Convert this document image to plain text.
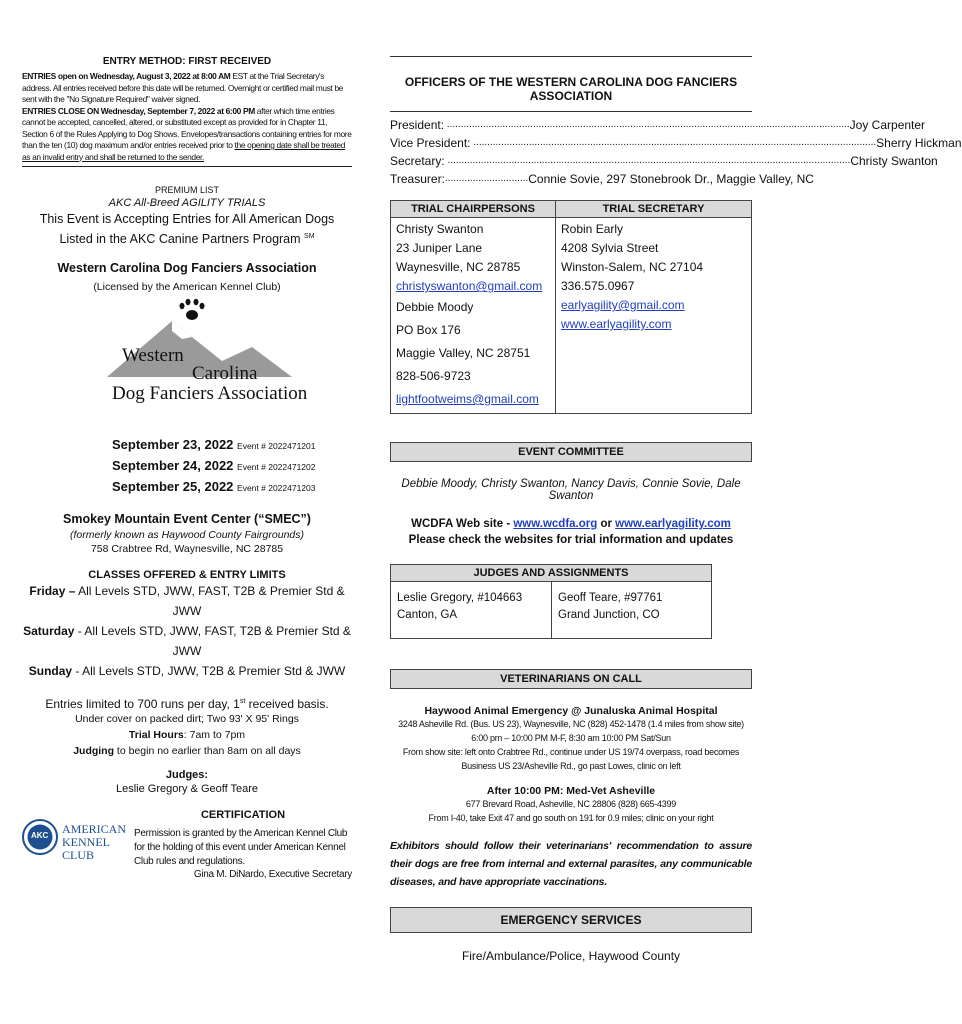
ENTRY METHOD: FIRST RECEIVED
ENTRIES open on Wednesday, August 3, 2022 at 8:00 AM EST at the Trial Secretary's address. All entries received before this date will be returned. Overnight or certified mail must be sent with the "No Signature Required" waiver signed.
ENTRIES CLOSE ON Wednesday, September 7, 2022 at 6:00 PM after which time entries cannot be accepted, cancelled, altered, or substituted except as provided for in Chapter 11, Section 6 of the Rules Applying to Dog Shows. Envelopes/transactions containing entries for more than the ten (10) dog maximum and/or entries received prior to the opening date shall be treated as an invalid entry and shall be returned to the sender.
PREMIUM LIST
AKC All-Breed AGILITY TRIALS
This Event is Accepting Entries for All American Dogs
Listed in the AKC Canine Partners Program ℠
Western Carolina Dog Fanciers Association
(Licensed by the American Kennel Club)
Western
Carolina
Dog Fanciers Association
September 23, 2022 Event # 2022471201
September 24, 2022 Event # 2022471202
September 25, 2022 Event # 2022471203
Smokey Mountain Event Center (“SMEC”)
(formerly known as Haywood County Fairgrounds)
758 Crabtree Rd, Waynesville, NC 28785
CLASSES OFFERED & ENTRY LIMITS
Friday – All Levels STD, JWW, FAST, T2B & Premier Std & JWW
Saturday - All Levels STD, JWW, FAST, T2B & Premier Std & JWW
Sunday - All Levels STD, JWW, T2B & Premier Std & JWW
Entries limited to 700 runs per day, 1st received basis.
Under cover on packed dirt; Two 93' X 95' Rings
Trial Hours: 7am to 7pm
Judging to begin no earlier than 8am on all days
Judges:
Leslie Gregory & Geoff Teare
AKC AMERICAN
KENNEL CLUB
CERTIFICATION
Permission is granted by the American Kennel Club for the holding of this event under American Kennel Club rules and regulations.
Gina M. DiNardo, Executive Secretary
OFFICERS OF THE WESTERN CAROLINA DOG FANCIERS ASSOCIATION
President: ................................................................................................................................................. Joy Carpenter
Vice President: ................................................................................................................................................. Sherry Hickman
Secretary: ................................................................................................................................................. Christy Swanton
Treasurer: .............................. Connie Sovie, 297 Stonebrook Dr., Maggie Valley, NC
TRIAL CHAIRPERSONS	TRIAL SECRETARY
Christy Swanton
23 Juniper Lane
Waynesville, NC 28785
christyswanton@gmail.com
Debbie Moody
PO Box 176
Maggie Valley, NC 28751
828-506-9723
lightfootweims@gmail.com
Robin Early
4208 Sylvia Street
Winston-Salem, NC 27104
336.575.0967
earlyagility@gmail.com
www.earlyagility.com
EVENT COMMITTEE
Debbie Moody, Christy Swanton, Nancy Davis, Connie Sovie, Dale Swanton
WCDFA Web site - www.wcdfa.org or www.earlyagility.com
Please check the websites for trial information and updates
JUDGES AND ASSIGNMENTS
Leslie Gregory, #104663
Canton, GA
Geoff Teare, #97761
Grand Junction, CO
VETERINARIANS ON CALL
Haywood Animal Emergency @ Junaluska Animal Hospital
3248 Asheville Rd. (Bus. US 23), Waynesville, NC (828) 452-1478 (1.4 miles from show site)
6:00 pm – 10:00 PM M-F, 8:30 am 10:00 PM Sat/Sun
From show site: left onto Crabtree Rd., continue under US 19/74 overpass, road becomes
Business US 23/Asheville Rd., go past Lowes, clinic on left
After 10:00 PM: Med-Vet Asheville
677 Brevard Road, Asheville, NC 28806 (828) 665-4399
From I-40, take Exit 47 and go south on 191 for 0.9 miles; clinic on your right
Exhibitors should follow their veterinarians' recommendation to assure their dogs are free from internal and external parasites, any communicable diseases, and have appropriate vaccinations.
EMERGENCY SERVICES
Fire/Ambulance/Police, Haywood County
